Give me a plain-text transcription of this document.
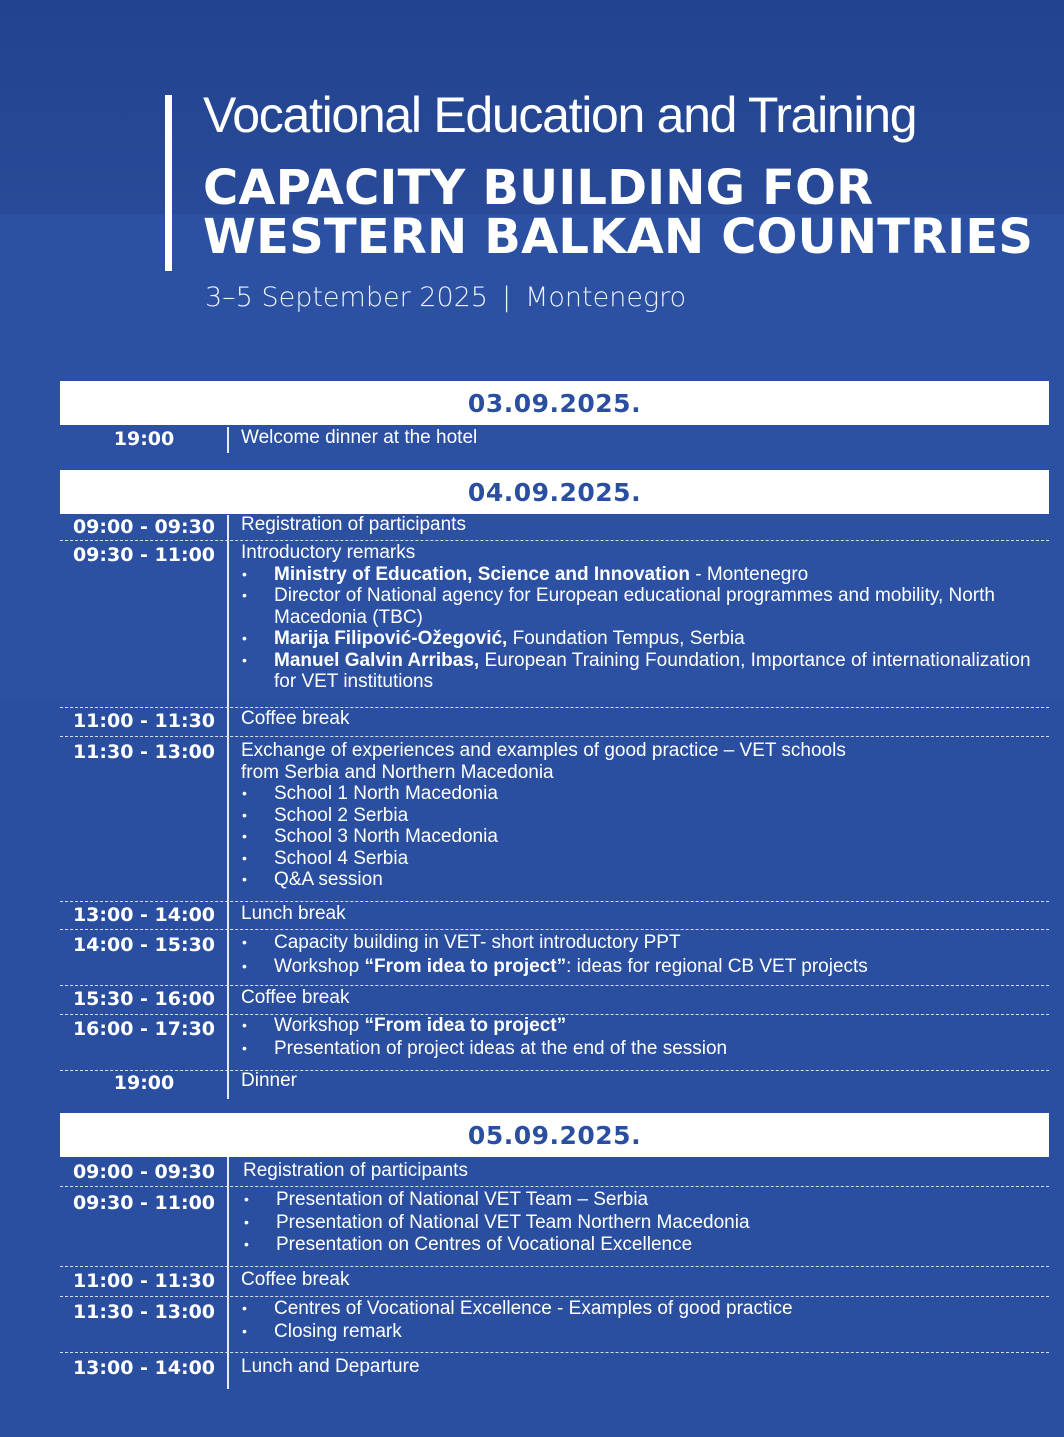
Vocational Education and Training
CAPACITY BUILDING FOR
WESTERN BALKAN COUNTRIES
3–5 September 2025 | Montenegro
03.09.2025.
19:00	Welcome dinner at the hotel
04.09.2025.
09:00 - 09:30	Registration of participants
09:30 - 11:00	Introductory remarks
• Ministry of Education, Science and Innovation - Montenegro
• Director of National agency for European educational programmes and mobility, North Macedonia (TBC)
• Marija Filipović-Ožegović, Foundation Tempus, Serbia
• Manuel Galvin Arribas, European Training Foundation, Importance of internationalization for VET institutions
11:00 - 11:30	Coffee break
11:30 - 13:00	Exchange of experiences and examples of good practice – VET schools from Serbia and Northern Macedonia
• School 1 North Macedonia
• School 2 Serbia
• School 3 North Macedonia
• School 4 Serbia
• Q&A session
13:00 - 14:00	Lunch break
14:00 - 15:30	• Capacity building in VET- short introductory PPT
• Workshop “From idea to project”: ideas for regional CB VET projects
15:30 - 16:00	Coffee break
16:00 - 17:30	• Workshop “From idea to project”
• Presentation of project ideas at the end of the session
19:00	Dinner
05.09.2025.
09:00 - 09:30	Registration of participants
09:30 - 11:00	• Presentation of National VET Team – Serbia
• Presentation of National VET Team Northern Macedonia
• Presentation on Centres of Vocational Excellence
11:00 - 11:30	Coffee break
11:30 - 13:00	• Centres of Vocational Excellence - Examples of good practice
• Closing remark
13:00 - 14:00	Lunch and Departure
